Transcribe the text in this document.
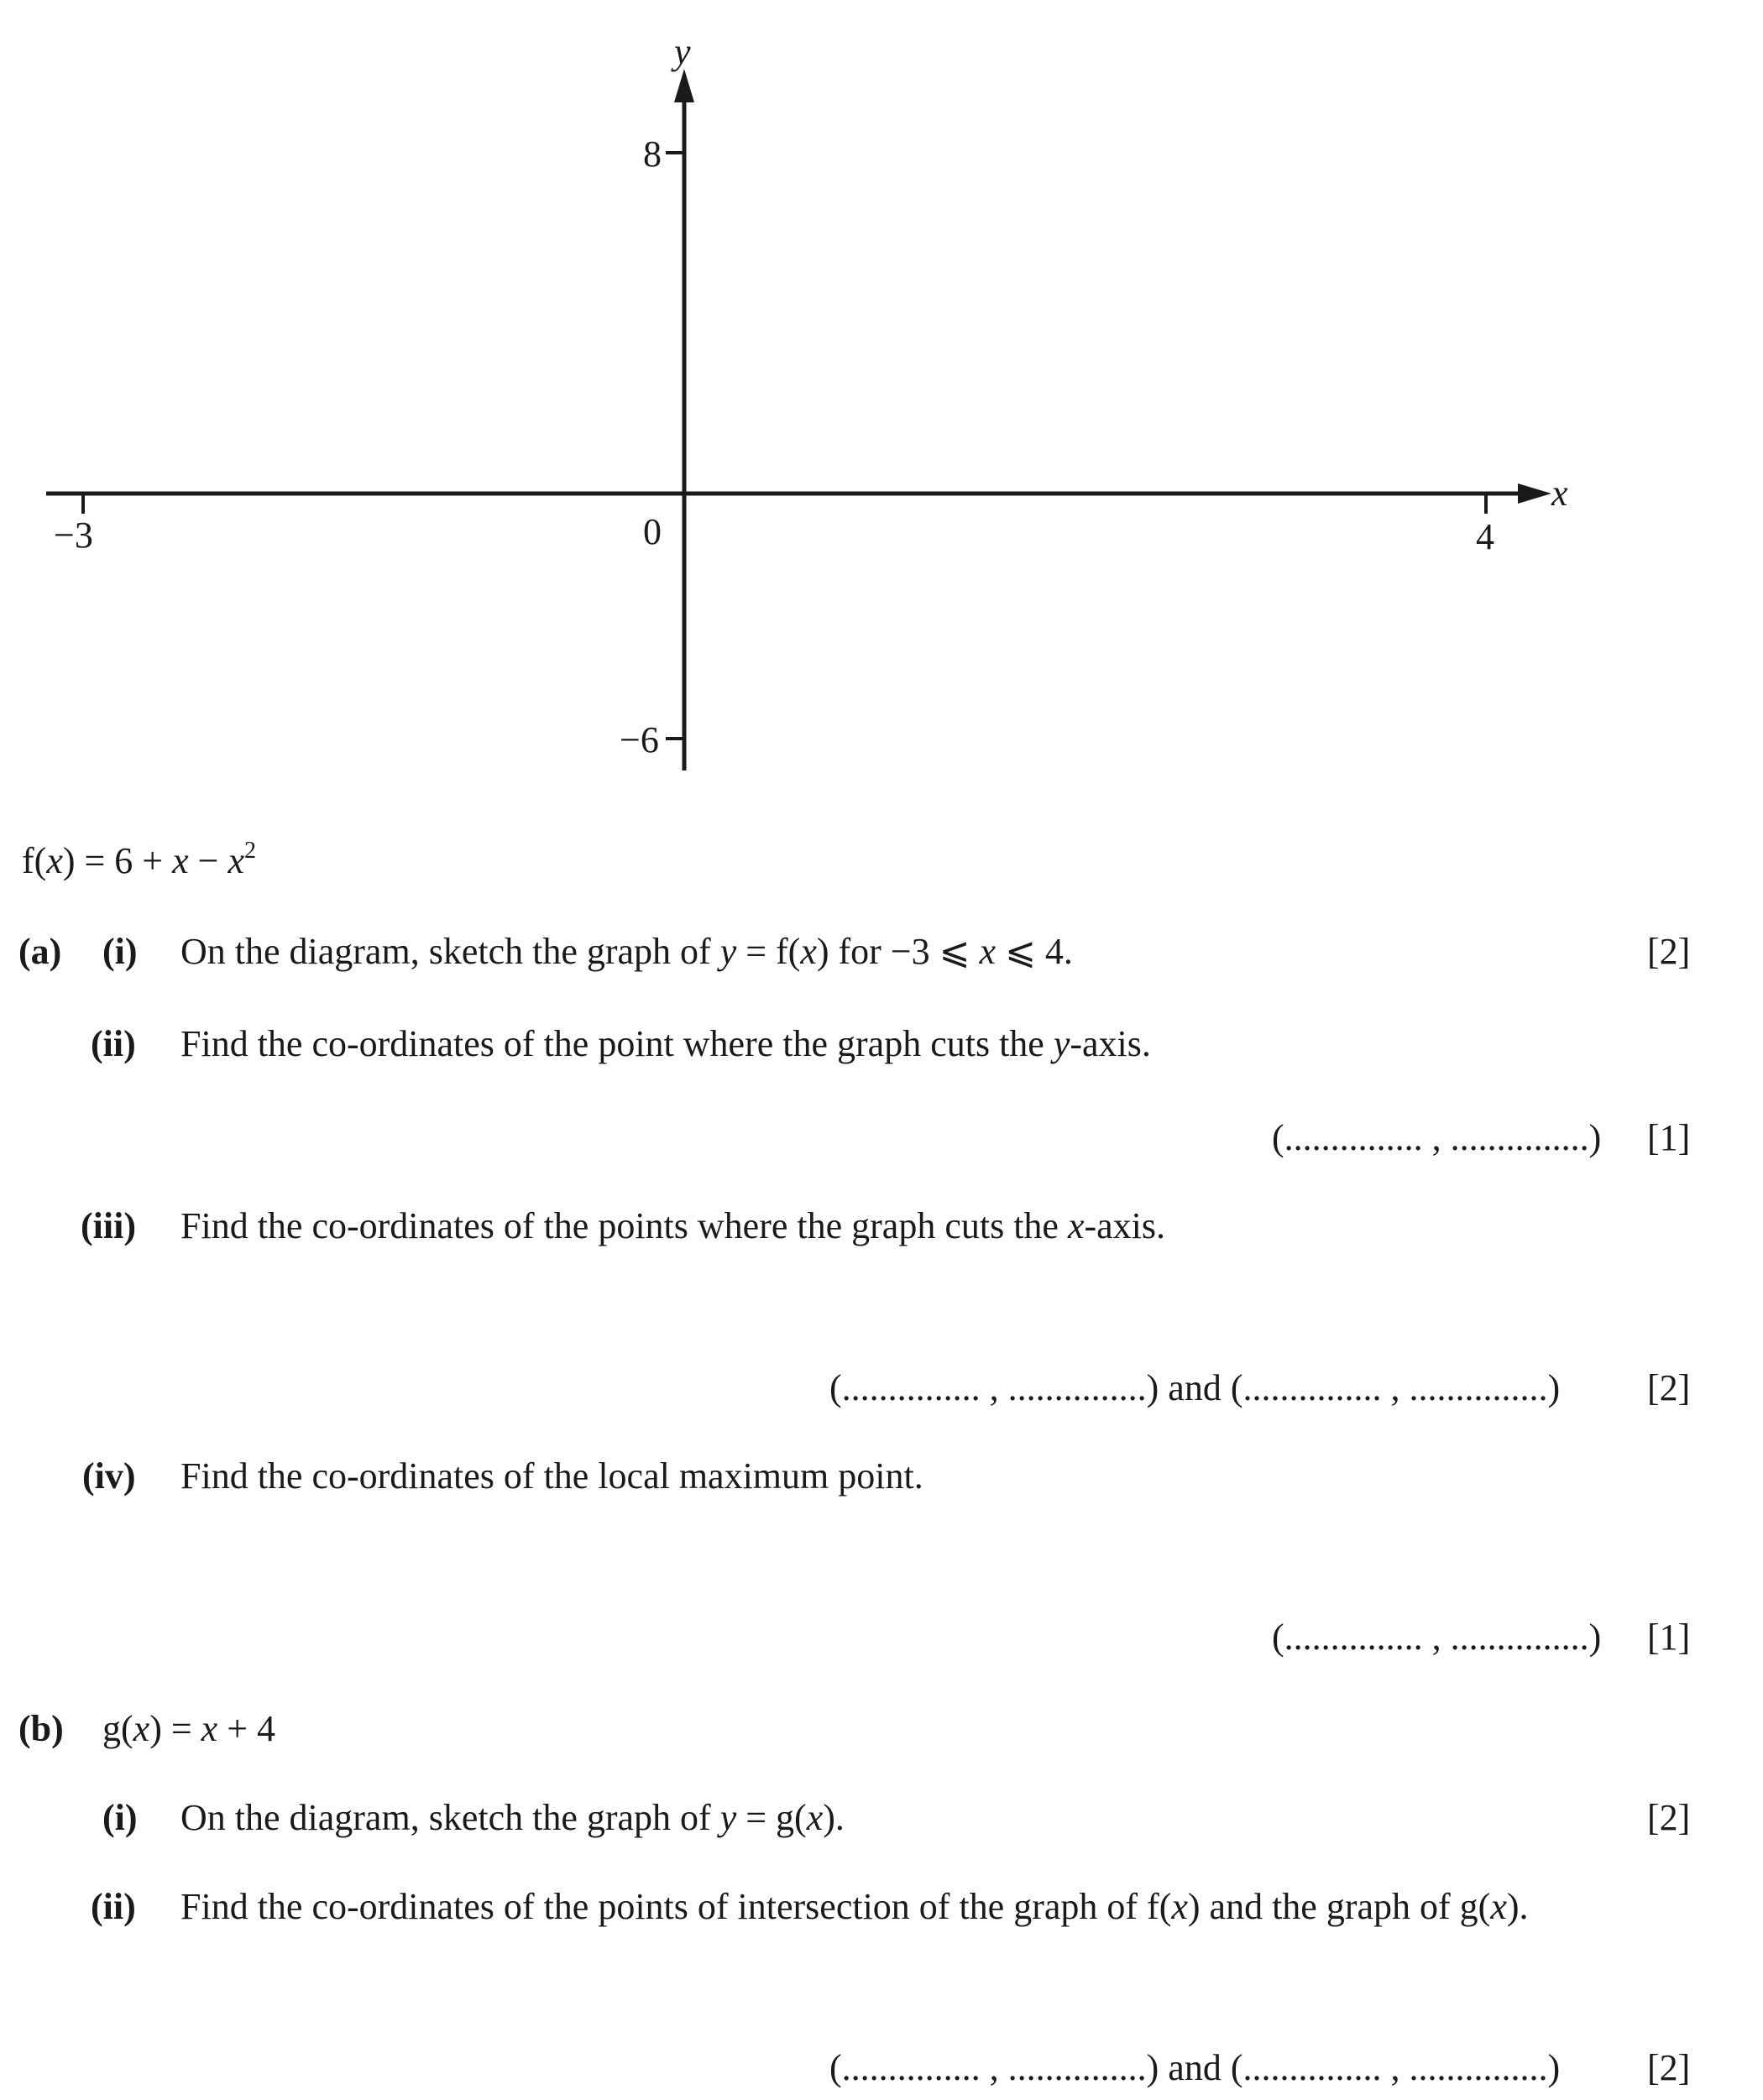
y
x
−3	4
0
8
−6
$f(x) = 6 + x - x^2$
(a) (i) On the diagram, sketch the graph of y = f(x) for −3 ⩽ x ⩽ 4.	[2]
(ii) Find the co-ordinates of the point where the graph cuts the y-axis.
(............... , ...............) [1]
(iii) Find the co-ordinates of the points where the graph cuts the x-axis.
(............... , ...............) and (............... , ...............) [2]
(iv) Find the co-ordinates of the local maximum point.
(............... , ...............) [1]
(b) g(x) = x + 4
(i) On the diagram, sketch the graph of y = g(x).	[2]
(ii) Find the co-ordinates of the points of intersection of the graph of f(x) and the graph of g(x).
(............... , ...............) and (............... , ...............) [2]
